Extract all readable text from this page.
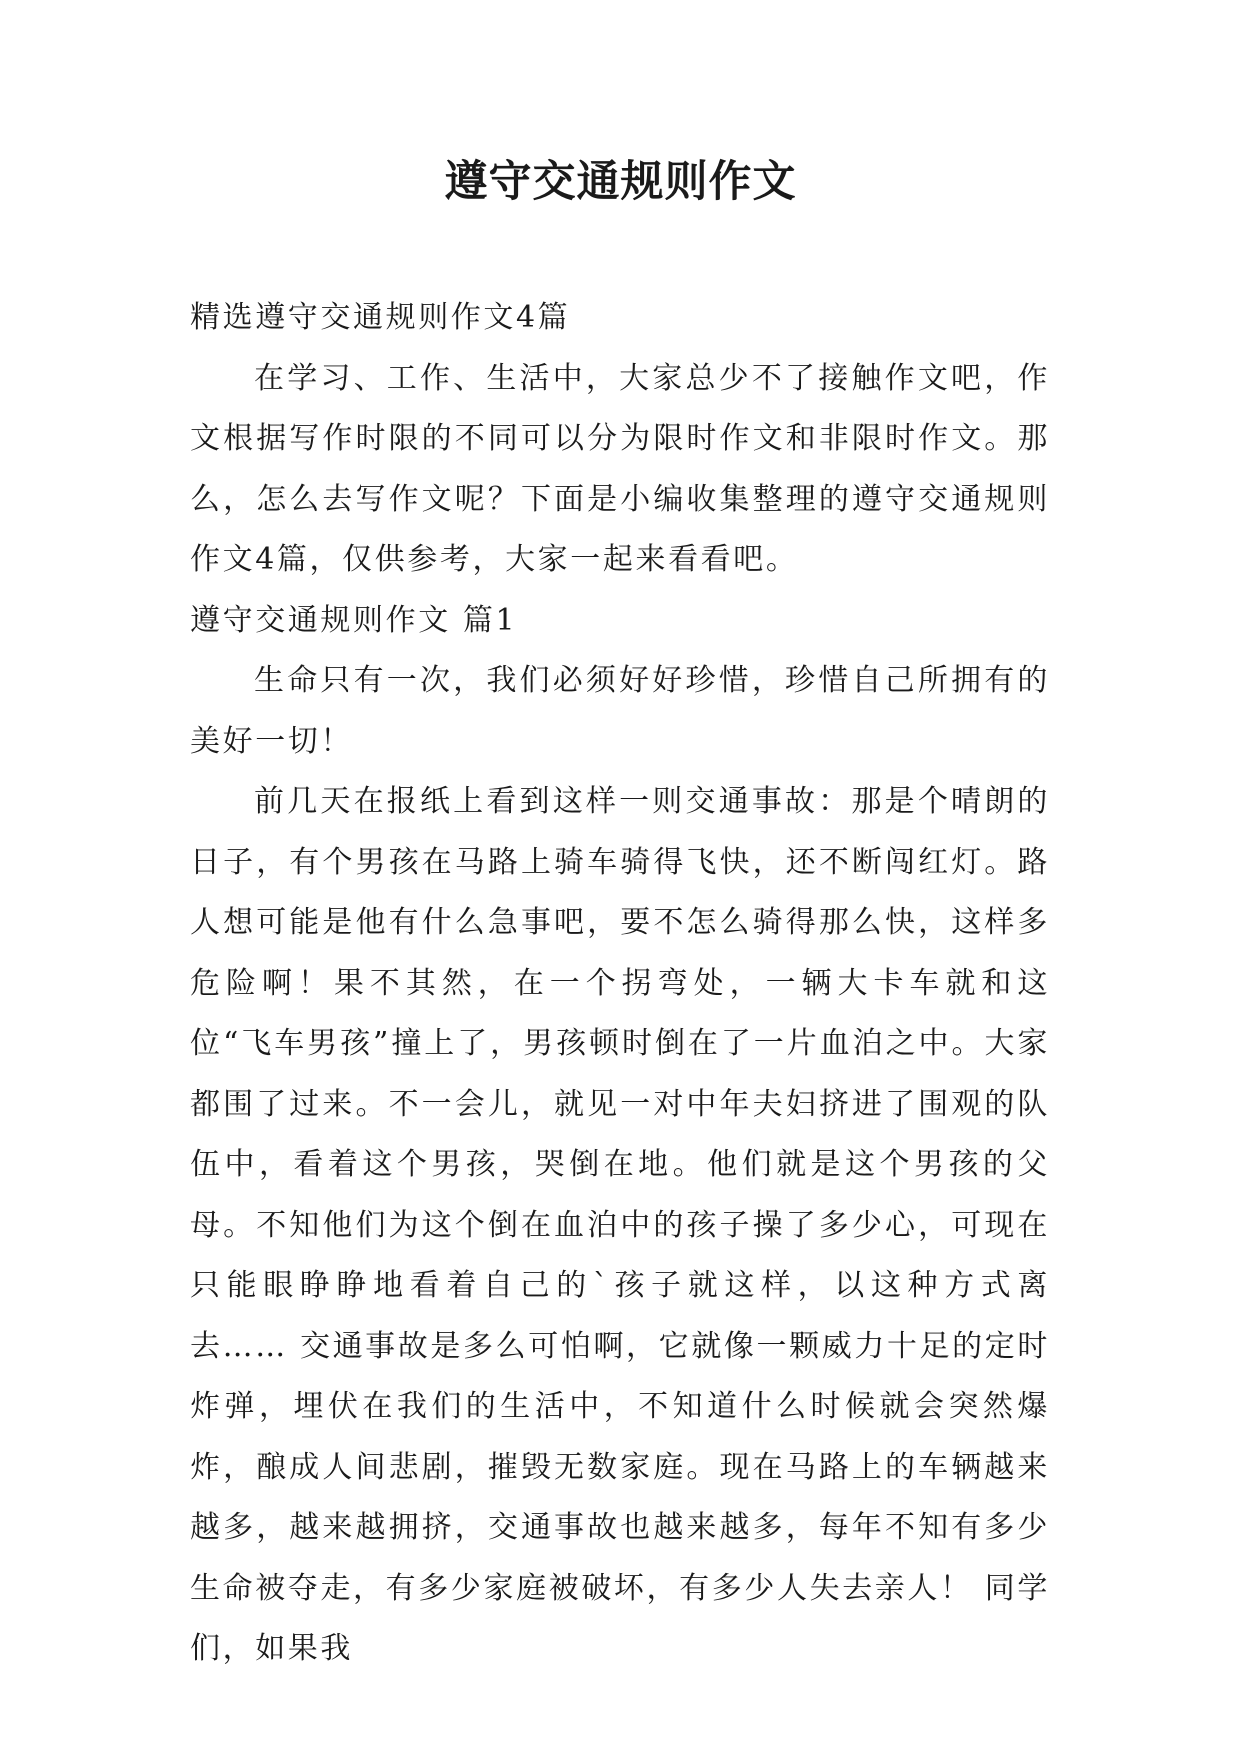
遵守交通规则作文

精选遵守交通规则作文4篇

在学习、工作、生活中，大家总少不了接触作文吧，作文根据写作时限的不同可以分为限时作文和非限时作文。那么，怎么去写作文呢？下面是小编收集整理的遵守交通规则作文4篇，仅供参考，大家一起来看看吧。

遵守交通规则作文 篇1

生命只有一次，我们必须好好珍惜，珍惜自己所拥有的美好一切！

前几天在报纸上看到这样一则交通事故：那是个晴朗的日子，有个男孩在马路上骑车骑得飞快，还不断闯红灯。路人想可能是他有什么急事吧，要不怎么骑得那么快，这样多危险啊！果不其然，在一个拐弯处，一辆大卡车就和这位“飞车男孩”撞上了，男孩顿时倒在了一片血泊之中。大家都围了过来。不一会儿，就见一对中年夫妇挤进了围观的队伍中，看着这个男孩，哭倒在地。他们就是这个男孩的父母。不知他们为这个倒在血泊中的孩子操了多少心，可现在只能眼睁睁地看着自己的`孩子就这样，以这种方式离去…… 交通事故是多么可怕啊，它就像一颗威力十足的定时炸弹，埋伏在我们的生活中，不知道什么时候就会突然爆炸，酿成人间悲剧，摧毁无数家庭。现在马路上的车辆越来越多，越来越拥挤，交通事故也越来越多，每年不知有多少生命被夺走，有多少家庭被破坏，有多少人失去亲人！ 同学们，如果我
